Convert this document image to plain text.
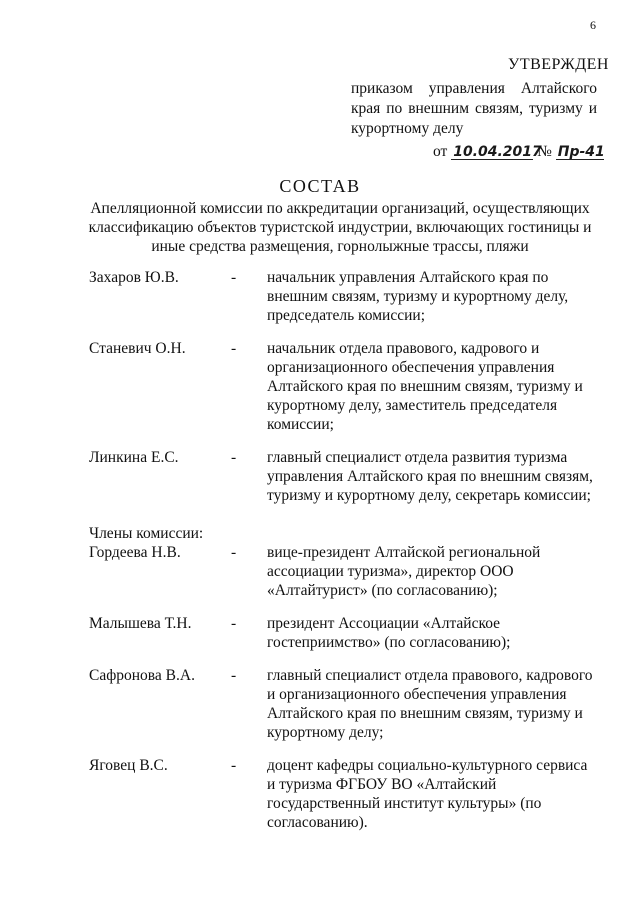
6
УТВЕРЖДЕН
приказом управления Алтайского
края по внешним связям, туризму и
курортному делу
от 10.04.2017 № Пр-41
СОСТАВ
Апелляционной комиссии по аккредитации организаций, осуществляющих классификацию объектов туристской индустрии, включающих гостиницы и иные средства размещения, горнолыжные трассы, пляжи
Захаров Ю.В.	- начальник управления Алтайского края по внешним связям, туризму и курортному делу, председатель комиссии;
Станевич О.Н.	- начальник отдела правового, кадрового и организационного обеспечения управления Алтайского края по внешним связям, туризму и курортному делу, заместитель председателя комиссии;
Линкина Е.С.	- главный специалист отдела развития туризма управления Алтайского края по внешним связям, туризму и курортному делу, секретарь комиссии;
Члены комиссии:
Гордеева Н.В.	- вице-президент Алтайской региональной ассоциации туризма», директор ООО «Алтайтурист» (по согласованию);
Малышева Т.Н.	- президент Ассоциации «Алтайское гостеприимство» (по согласованию);
Сафронова В.А. - главный специалист отдела правового, кадрового и организационного обеспечения управления Алтайского края по внешним связям, туризму и курортному делу;
Яговец В.С.	- доцент кафедры социально-культурного сервиса и туризма ФГБОУ ВО «Алтайский государственный институт культуры» (по согласованию).
